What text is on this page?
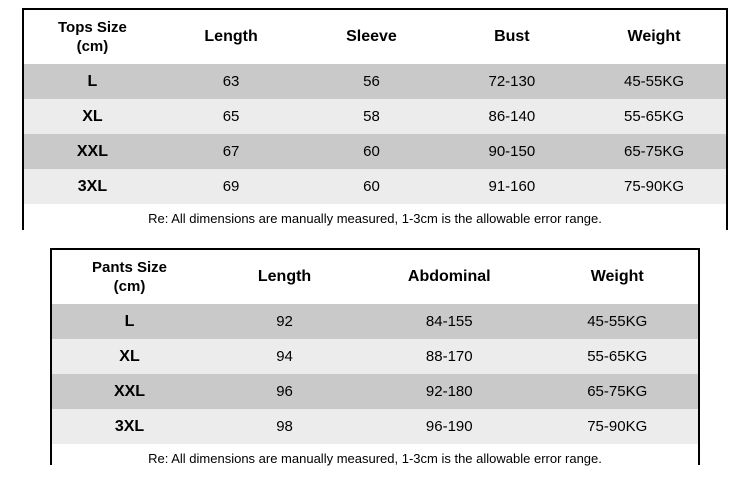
Tops Size
(cm)	Length	Sleeve	Bust	Weight
L	63	56	72-130	45-55KG
XL	65	58	86-140	55-65KG
XXL	67	60	90-150	65-75KG
3XL	69	60	91-160	75-90KG
Re: All dimensions are manually measured, 1-3cm is the allowable error range.
Pants Size
(cm)	Length	Abdominal	Weight
L	92	84-155	45-55KG
XL	94	88-170	55-65KG
XXL	96	92-180	65-75KG
3XL	98	96-190	75-90KG
Re: All dimensions are manually measured, 1-3cm is the allowable error range.
